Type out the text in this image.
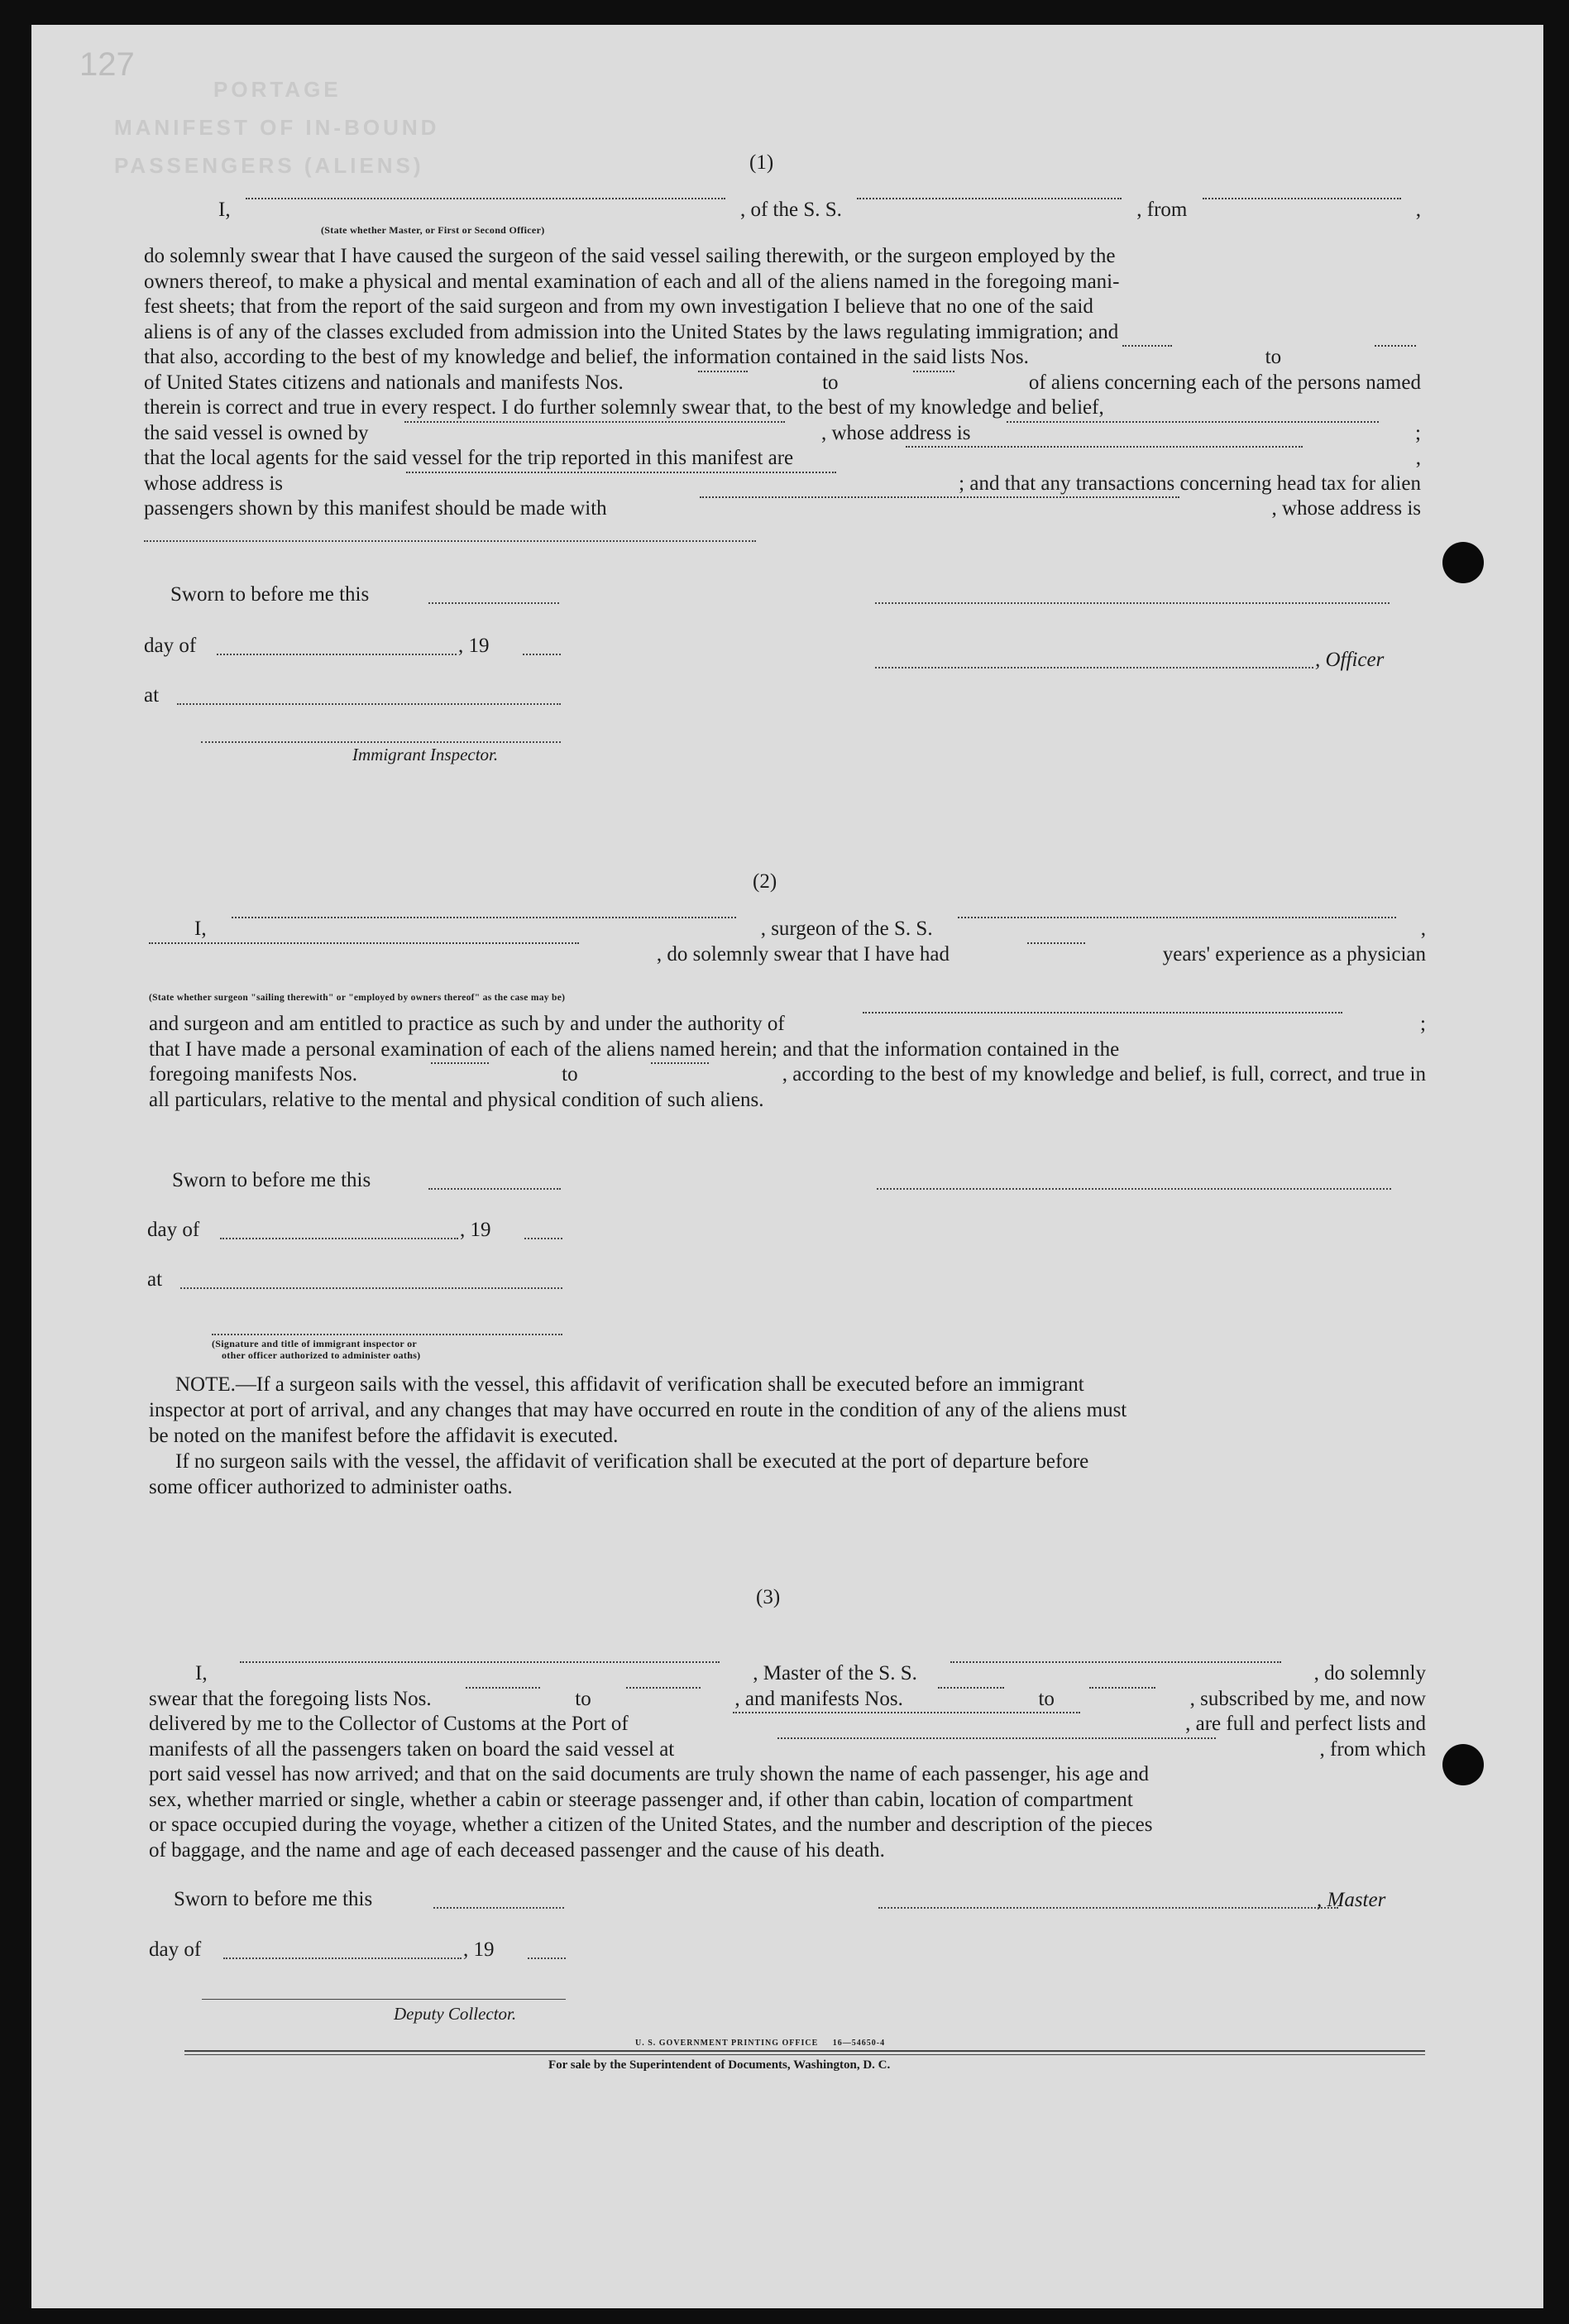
127
PORTAGE
MANIFEST OF IN-BOUND PASSENGERS (ALIENS)	(1)
I,	, of the S. S.	, from	,
(State whether Master, or First or Second Officer)
do solemnly swear that I have caused the surgeon of the said vessel sailing therewith, or the surgeon employed by the
owners thereof, to make a physical and mental examination of each and all of the aliens named in the foregoing mani-
fest sheets; that from the report of the said surgeon and from my own investigation I believe that no one of the said
aliens is of any of the classes excluded from admission into the United States by the laws regulating immigration; and
that also, according to the best of my knowledge and belief, the information contained in the said lists Nos.	to
of United States citizens and nationals and manifests Nos.	to	of aliens concerning each of the persons named
therein is correct and true in every respect. I do further solemnly swear that, to the best of my knowledge and belief,
the said vessel is owned by	, whose address is	;
that the local agents for the said vessel for the trip reported in this manifest are	,
whose address is	; and that any transactions concerning head tax for alien
passengers shown by this manifest should be made with	, whose address is
Sworn to before me this
day of	, 19
, Officer
at
Immigrant Inspector.
(2)
I,	, surgeon of the S. S.	,
, do solemnly swear that I have had	years' experience as a physician
(State whether surgeon "sailing therewith" or "employed by owners thereof" as the case may be)
and surgeon and am entitled to practice as such by and under the authority of	;
that I have made a personal examination of each of the aliens named herein; and that the information contained in the
foregoing manifests Nos.	to	, according to the best of my knowledge and belief, is full, correct, and true in
all particulars, relative to the mental and physical condition of such aliens.
Sworn to before me this
day of	, 19
at
(Signature and title of immigrant inspector or
other officer authorized to administer oaths)
NOTE.—If a surgeon sails with the vessel, this affidavit of verification shall be executed before an immigrant
inspector at port of arrival, and any changes that may have occurred en route in the condition of any of the aliens must
be noted on the manifest before the affidavit is executed.
If no surgeon sails with the vessel, the affidavit of verification shall be executed at the port of departure before
some officer authorized to administer oaths.
(3)
I,	, Master of the S. S.	, do solemnly
swear that the foregoing lists Nos.	to	, and manifests Nos.	to	, subscribed by me, and now
delivered by me to the Collector of Customs at the Port of	, are full and perfect lists and
manifests of all the passengers taken on board the said vessel at	, from which
port said vessel has now arrived; and that on the said documents are truly shown the name of each passenger, his age and
sex, whether married or single, whether a cabin or steerage passenger and, if other than cabin, location of compartment
or space occupied during the voyage, whether a citizen of the United States, and the number and description of the pieces
of baggage, and the name and age of each deceased passenger and the cause of his death.
Sworn to before me this	, Master
day of	, 19
Deputy Collector.
U. S. GOVERNMENT PRINTING OFFICE     16—54650-4
For sale by the Superintendent of Documents, Washington, D. C.
